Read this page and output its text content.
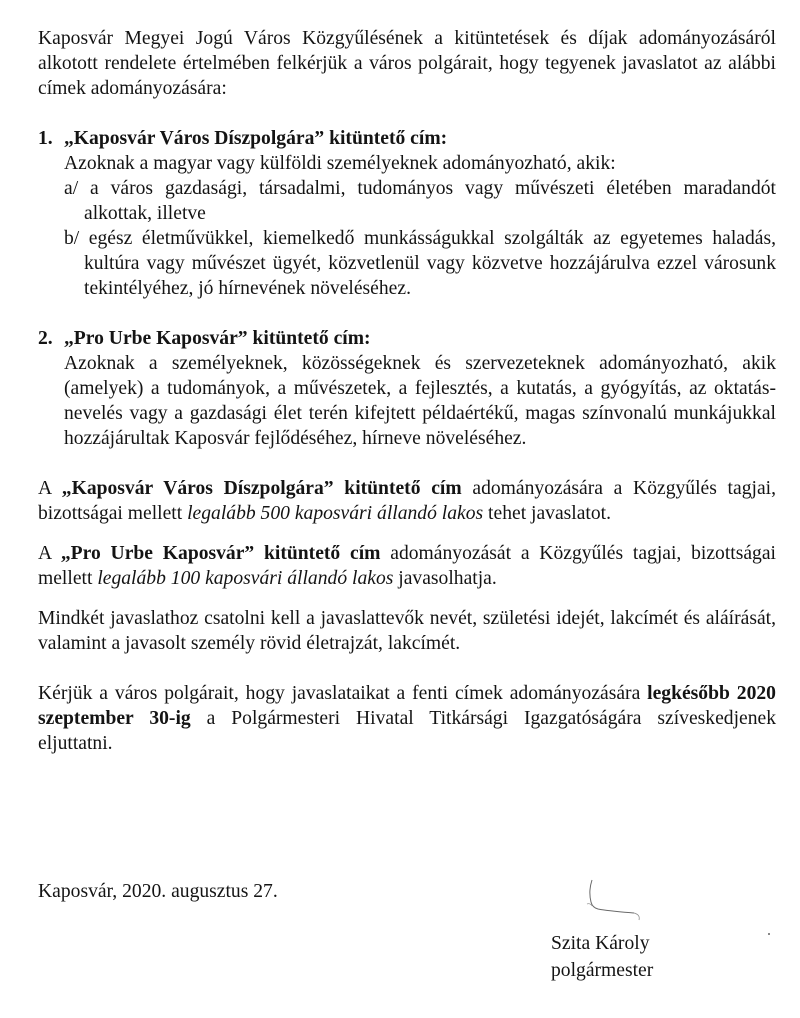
Kaposvár Megyei Jogú Város Közgyűlésének a kitüntetések és díjak adományozásáról alkotott rendelete értelmében felkérjük a város polgárait, hogy tegyenek javaslatot az alábbi címek adományozására:

1. „Kaposvár Város Díszpolgára” kitüntető cím:

Azoknak a magyar vagy külföldi személyeknek adományozható, akik:

a/ a város gazdasági, társadalmi, tudományos vagy művészeti életében maradandót alkottak, illetve

b/ egész életművükkel, kiemelkedő munkásságukkal szolgálták az egyetemes haladás, kultúra vagy művészet ügyét, közvetlenül vagy közvetve hozzájárulva ezzel városunk tekintélyéhez, jó hírnevének növeléséhez.

2. „Pro Urbe Kaposvár” kitüntető cím:

Azoknak a személyeknek, közösségeknek és szervezeteknek adományozható, akik (amelyek) a tudományok, a művészetek, a fejlesztés, a kutatás, a gyógyítás, az oktatás-nevelés vagy a gazdasági élet terén kifejtett példaértékű, magas színvonalú munkájukkal hozzájárultak Kaposvár fejlődéséhez, hírneve növeléséhez.

A „Kaposvár Város Díszpolgára” kitüntető cím adományozására a Közgyűlés tagjai, bizottságai mellett legalább 500 kaposvári állandó lakos tehet javaslatot.

A „Pro Urbe Kaposvár” kitüntető cím adományozását a Közgyűlés tagjai, bizottságai mellett legalább 100 kaposvári állandó lakos javasolhatja.

Mindkét javaslathoz csatolni kell a javaslattevők nevét, születési idejét, lakcímét és aláírását, valamint a javasolt személy rövid életrajzát, lakcímét.

Kérjük a város polgárait, hogy javaslataikat a fenti címek adományozására legkésőbb 2020 szeptember 30-ig a Polgármesteri Hivatal Titkársági Igazgatóságára szíveskedjenek eljuttatni.

Kaposvár, 2020. augusztus 27.
Szita Károly
polgármester
